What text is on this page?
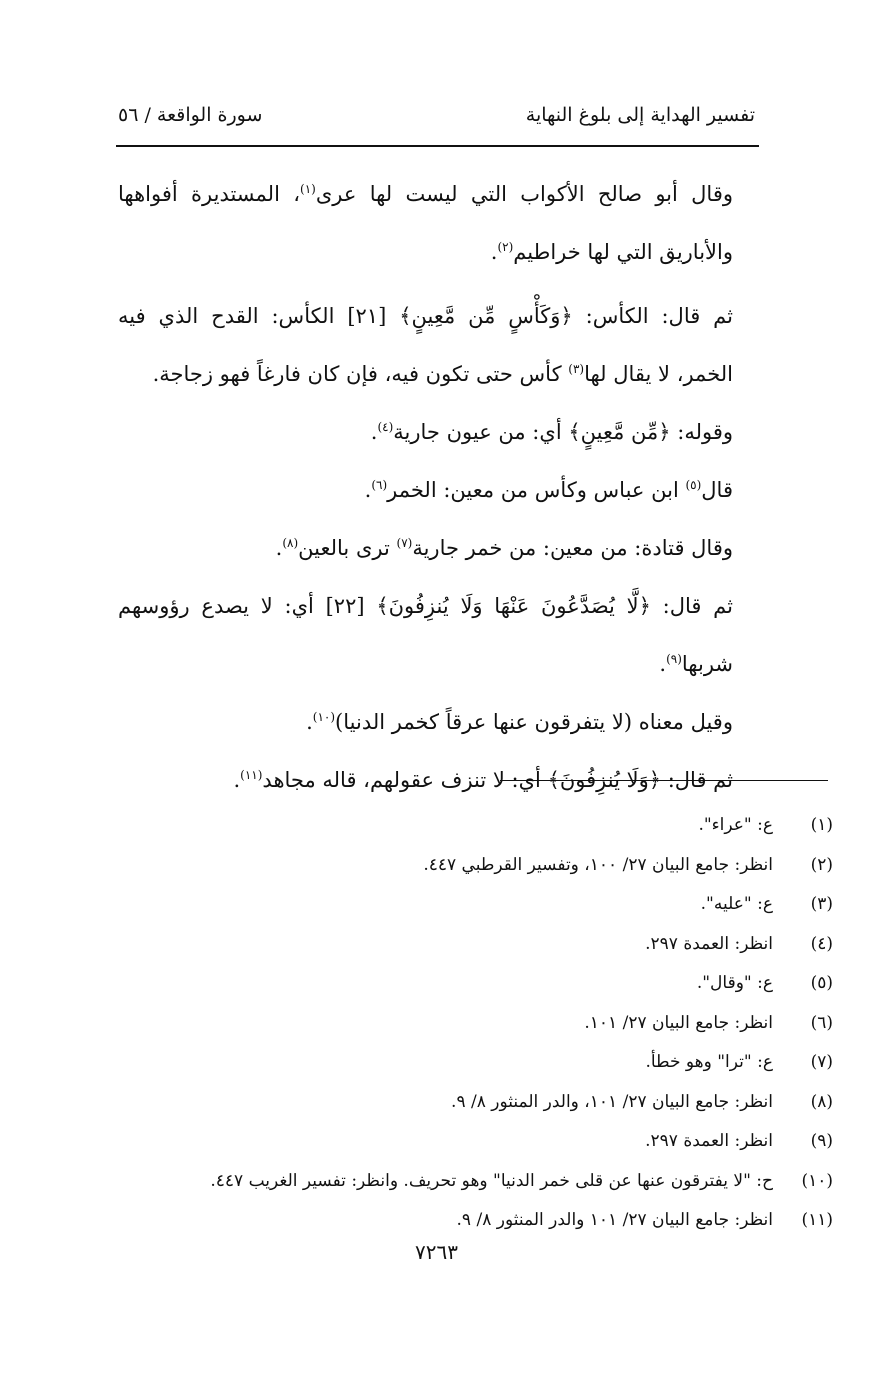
تفسير الهداية إلى بلوغ النهاية
سورة الواقعة / ٥٦

وقال أبو صالح الأكواب التي ليست لها عرى$^{(١)}$، المستديرة أفواهها والأباريق التي لها خراطيم$^{(٢)}$.

ثم قال: الكأس: ﴿وَكَأْسٍ مِّن مَّعِينٍ﴾ [٢١] الكأس: القدح الذي فيه الخمر، لا يقال لها$^{(٣)}$ كأس حتى تكون فيه، فإن كان فارغاً فهو زجاجة.

وقوله: ﴿مِّن مَّعِينٍ﴾ أي: من عيون جارية$^{(٤)}$.

قال$^{(٥)}$ ابن عباس وكأس من معين: الخمر$^{(٦)}$.

وقال قتادة: من معين: من خمر جارية$^{(٧)}$ ترى بالعين$^{(٨)}$.

ثم قال: ﴿لَّا يُصَدَّعُونَ عَنْهَا وَلَا يُنزِفُونَ﴾ [٢٢] أي: لا يصدع رؤوسهم شربها$^{(٩)}$.

وقيل معناه (لا يتفرقون عنها عرقاً كخمر الدنيا)$^{(١٠)}$.

ثم قال: ﴿وَلَا يُنزِفُونَ﴾ أي: لا تنزف عقولهم، قاله مجاهد$^{(١١)}$.

(١)
ع: "عراء".
(٢)
انظر: جامع البيان ٢٧/ ١٠٠، وتفسير القرطبي ٤٤٧.
(٣)
ع: "عليه".
(٤)
انظر: العمدة ٢٩٧.
(٥)
ع: "وقال".
(٦)
انظر: جامع البيان ٢٧/ ١٠١.
(٧)
ع: "ترا" وهو خطأ.
(٨)
انظر: جامع البيان ٢٧/ ١٠١، والدر المنثور ٨/ ٩.
(٩)
انظر: العمدة ٢٩٧.
(١٠)
ح: "لا يفترقون عنها عن قلى خمر الدنيا" وهو تحريف. وانظر: تفسير الغريب ٤٤٧.
(١١)
انظر: جامع البيان ٢٧/ ١٠١ والدر المنثور ٨/ ٩.
٧٢٦٣
